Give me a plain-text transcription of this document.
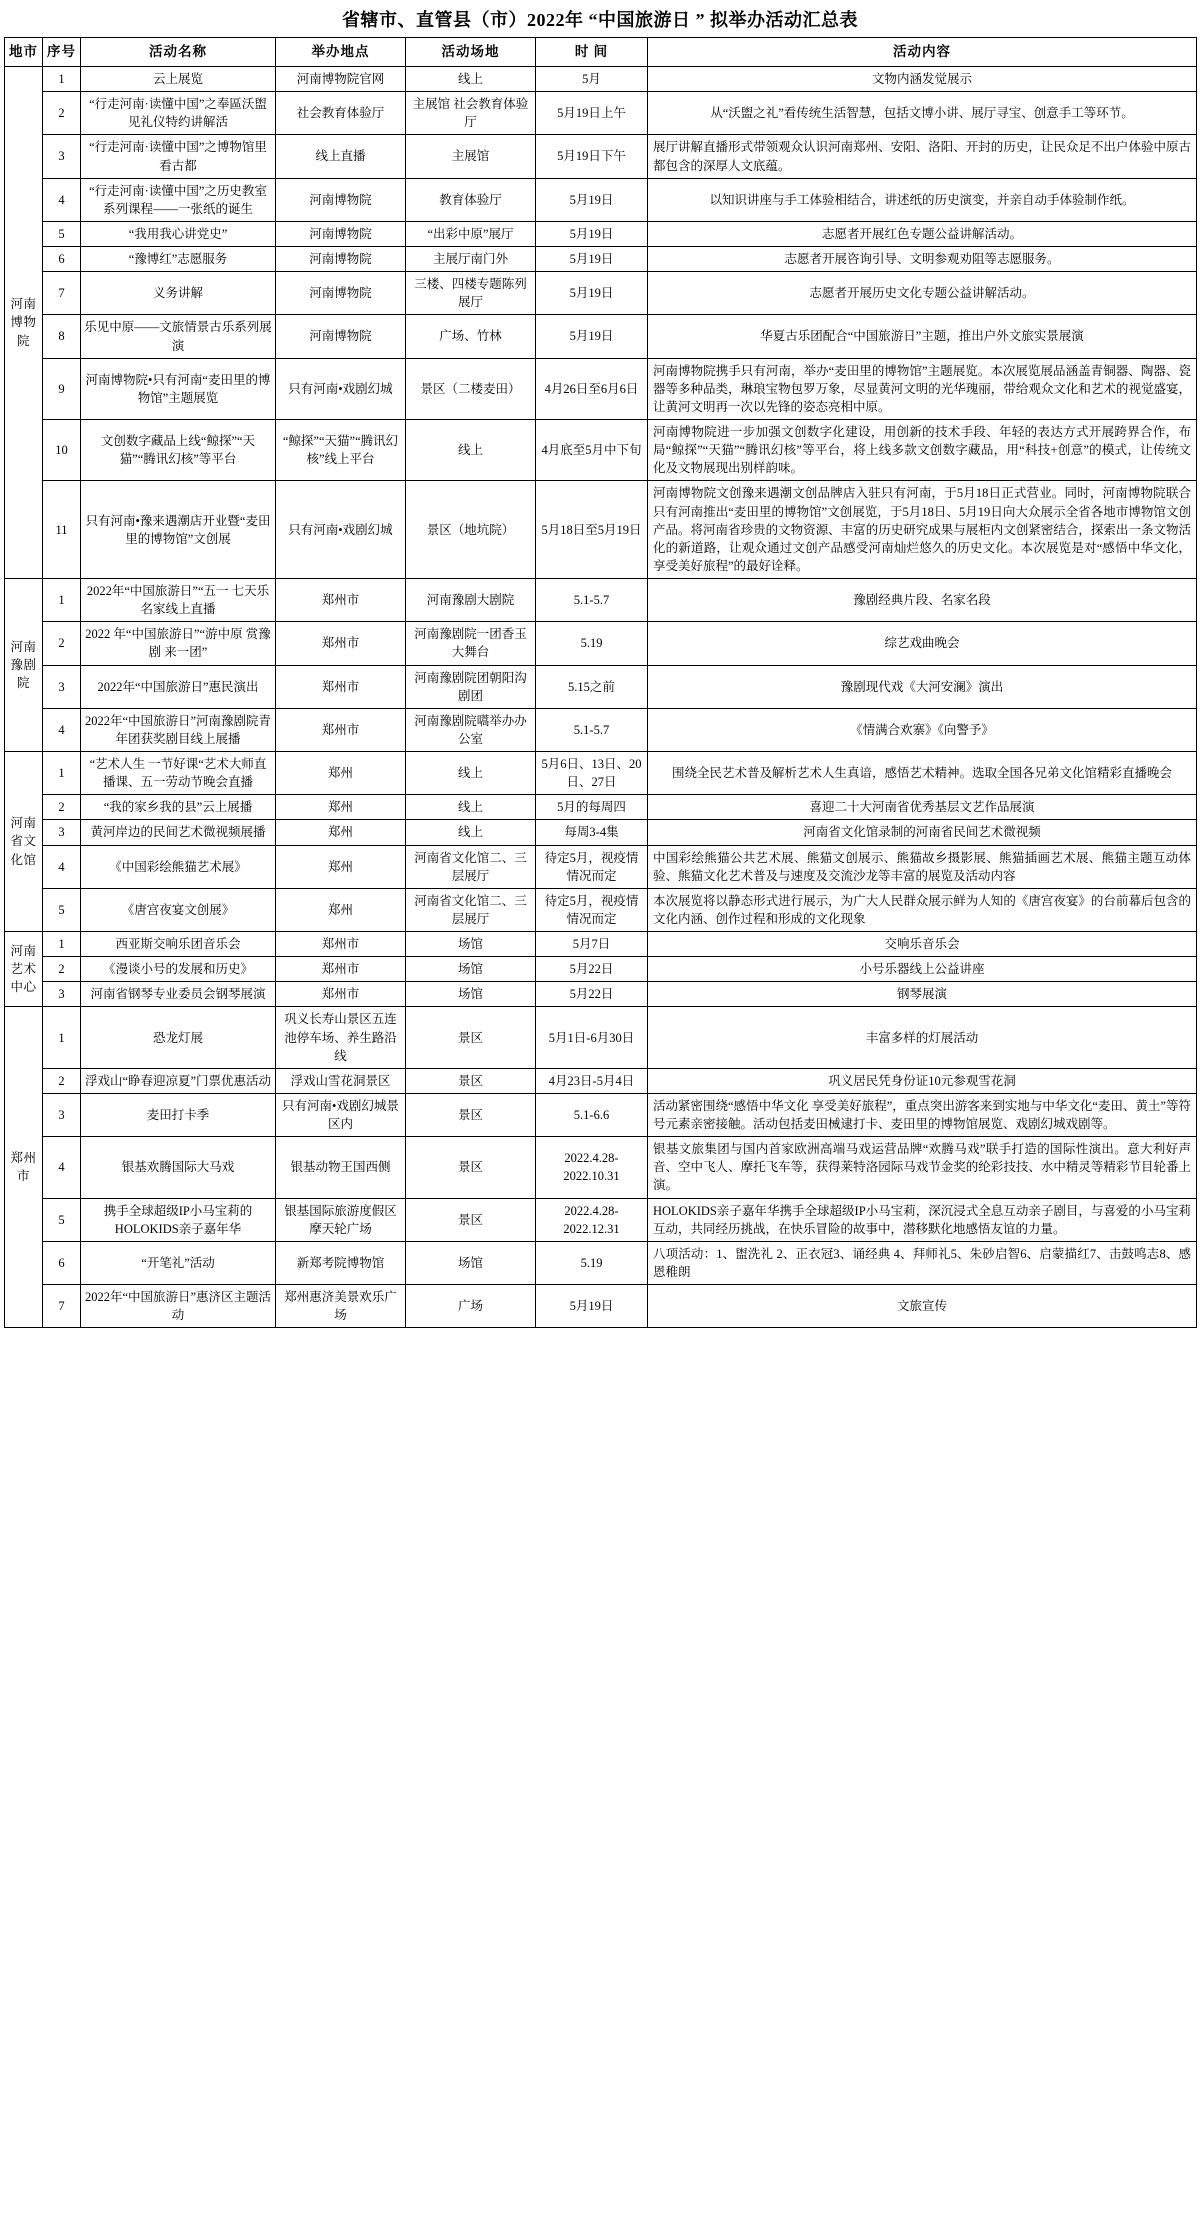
省辖市、直管县（市）2022年 “中国旅游日 ” 拟举办活动汇总表
地市	序号	活动名称	举办地点	活动场地	时 间	活动内容
河南博物院	1	云上展览	河南博物院官网	线上	5月	文物内涵发觉展示
	2	“行走河南·读懂中国”之奉區沃盥见礼仪特约讲解活	社会教育体验厅	主展馆 社会教育体验厅	5月19日上午	从“沃盥之礼”看传统生活智慧，包括文博小讲、展厅寻宝、创意手工等环节。
	3	“行走河南·读懂中国”之博物馆里看古都	线上直播	主展馆	5月19日下午	展厅讲解直播形式带领观众认识河南郑州、安阳、洛阳、开封的历史，让民众足不出户体验中原古都包含的深厚人文底蕴。
	4	“行走河南·读懂中国”之历史教室系列课程——一张纸的诞生	河南博物院	教育体验厅	5月19日	以知识讲座与手工体验相结合，讲述纸的历史演变，并亲自动手体验制作纸。
	5	“我用我心讲党史”	河南博物院	“出彩中原”展厅	5月19日	志愿者开展红色专题公益讲解活动。
	6	“豫博红”志愿服务	河南博物院	主展厅南门外	5月19日	志愿者开展咨询引导、文明参观劝阻等志愿服务。
	7	义务讲解	河南博物院	三楼、四楼专题陈列展厅	5月19日	志愿者开展历史文化专题公益讲解活动。
	8	乐见中原——文旅情景古乐系列展演	河南博物院	广场、竹林	5月19日	华夏古乐团配合“中国旅游日”主题，推出户外文旅实景展演
	9	河南博物院•只有河南“麦田里的博物馆”主题展览	只有河南•戏剧幻城	景区（二楼麦田）	4月26日至6月6日	河南博物院携手只有河南，举办“麦田里的博物馆”主题展览。本次展览展品涵盖青铜器、陶器、瓷器等多种品类，琳琅宝物包罗万象，尽显黄河文明的光华瑰丽，带给观众文化和艺术的视觉盛宴，让黄河文明再一次以先锋的姿态亮相中原。
	10	文创数字藏品上线“鲸探”“天猫”“腾讯幻核”等平台	“鲸探”“天猫”“腾讯幻核”线上平台	线上	4月底至5月中下旬	河南博物院进一步加强文创数字化建设，用创新的技术手段、年轻的表达方式开展跨界合作，布局“鲸探”“天猫”“腾讯幻核”等平台，将上线多款文创数字藏品，用“科技+创意”的模式，让传统文化及文物展现出别样韵味。
	11	只有河南•豫来遇潮店开业暨“麦田里的博物馆”文创展	只有河南•戏剧幻城	景区（地坑院）	5月18日至5月19日	河南博物院文创豫来遇潮文创品牌店入驻只有河南，于5月18日正式营业。同时，河南博物院联合只有河南推出“麦田里的博物馆”文创展览，于5月18日、5月19日向大众展示全省各地市博物馆文创产品。将河南省珍贵的文物资源、丰富的历史研究成果与展柜内文创紧密结合，探索出一条文物活化的新道路，让观众通过文创产品感受河南灿烂悠久的历史文化。本次展览是对“感悟中华文化，享受美好旅程”的最好诠释。
河南豫剧院	1	2022年“中国旅游日”“五一 七天乐名家线上直播	郑州市	河南豫剧大剧院	5.1-5.7	豫剧经典片段、名家名段
	2	2022 年“中国旅游日”“游中原 赏豫剧 来一团”	郑州市	河南豫剧院一团香玉大舞台	5.19	综艺戏曲晚会
	3	2022年“中国旅游日”惠民演出	郑州市	河南豫剧院团朝阳沟剧团	5.15之前	豫剧现代戏《大河安澜》演出
	4	2022年“中国旅游日”河南豫剧院青年团获奖剧目线上展播	郑州市	河南豫剧院嚆举办办公室	5.1-5.7	《情满合欢寨》《向警予》
河南省文化馆	1	“艺术人生 一节好课“艺术大师直播课、五一劳动节晚会直播	郑州	线上	5月6日、13日、20日、27日	围绕全民艺术普及解析艺术人生真谙，感悟艺术精神。选取全国各兄弟文化馆精彩直播晚会
	2	“我的家乡我的县”云上展播	郑州	线上	5月的每周四	喜迎二十大河南省优秀基层文艺作品展演
	3	黄河岸边的民间艺术微视频展播	郑州	线上	每周3-4集	河南省文化馆录制的河南省民间艺术微视频
	4	《中国彩绘熊猫艺术展》	郑州	河南省文化馆二、三层展厅	待定5月，视疫情情况而定	中国彩绘熊猫公共艺术展、熊猫文创展示、熊猫故乡摄影展、熊猫插画艺术展、熊猫主题互动体验、熊猫文化艺术普及与速度及交流沙龙等丰富的展览及活动内容
	5	《唐宫夜宴文创展》	郑州	河南省文化馆二、三层展厅	待定5月，视疫情情况而定	本次展览将以静态形式进行展示，为广大人民群众展示鲜为人知的《唐宫夜宴》的台前幕后包含的文化内涵、创作过程和形成的文化现象
河南艺术中心	1	西亚斯交响乐团音乐会	郑州市	场馆	5月7日	交响乐音乐会
	2	《漫谈小号的发展和历史》	郑州市	场馆	5月22日	小号乐器线上公益讲座
	3	河南省钢琴专业委员会钢琴展演	郑州市	场馆	5月22日	钢琴展演
郑州市	1	恐龙灯展	巩义长寿山景区五连池停车场、养生路沿线	景区	5月1日-6月30日	丰富多样的灯展活动
	2	浮戏山“睁春迎凉夏”门票优惠活动	浮戏山雪花洞景区	景区	4月23日-5月4日	巩义居民凭身份证10元参观雪花洞
	3	麦田打卡季	只有河南•戏剧幻城景区内	景区	5.1-6.6	活动紧密围绕“感悟中华文化 享受美好旅程”，重点突出游客来到实地与中华文化“麦田、黄土”等符号元素亲密接触。活动包括麦田械逮打卡、麦田里的博物馆展览、戏剧幻城戏剧等。
	4	银基欢腾国际大马戏	银基动物王国西侧	景区	2022.4.28-2022.10.31	银基文旅集团与国内首家欧洲高端马戏运营品牌“欢腾马戏”联手打造的国际性演出。意大利好声音、空中飞人、摩托飞车等，获得莱特洛园际马戏节金奖的纶彩技技、水中精灵等精彩节目轮番上演。
	5	携手全球超级IP小马宝莉的HOLOKIDS亲子嘉年华	银基国际旅游度假区摩天轮广场	景区	2022.4.28-2022.12.31	HOLOKIDS亲子嘉年华携手全球超级IP小马宝莉，深沉浸式全息互动亲子剧目，与喜爱的小马宝莉互动，共同经历挑战，在快乐冒险的故事中，潜移默化地感悟友谊的力量。
	6	“开笔礼”活动	新郑考院博物馆	场馆	5.19	八项活动：1、盥洗礼 2、正衣冠3、诵经典 4、拜师礼5、朱砂启智6、启蒙描红7、击鼓鸣志8、感恩稚朗
	7	2022年“中国旅游日”惠济区主题活动	郑州惠济美景欢乐广场	广场	5月19日	文旅宣传
